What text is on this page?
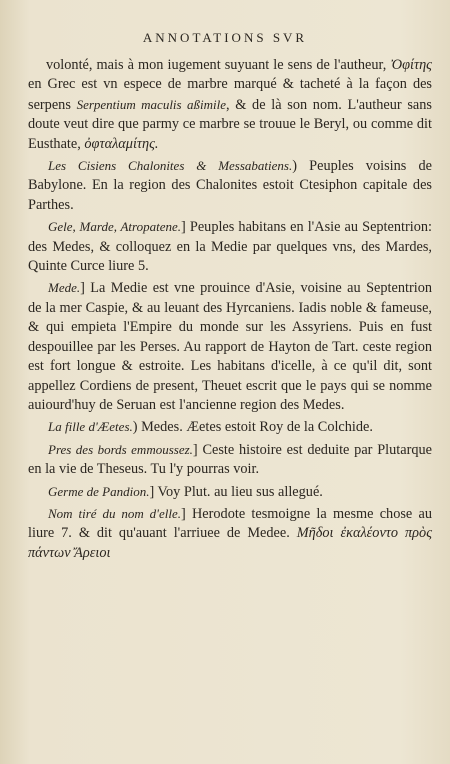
ANNOTATIONS SVR

volonté, mais à mon iugement suyuant le sens de l'autheur, Ὀφίτης en Grec est vn espece de marbre marqué & tacheté à la façon des serpens Serpentium maculis aßimile, & de là son nom. L'autheur sans doute veut dire que parmy ce marbre se trouue le Beryl, ou comme dit Eusthate, ὀφταλαμίτης.

Les Cisiens Chalonites & Messabatiens.) Peuples voisins de Babylone. En la region des Chalonites estoit Ctesiphon capitale des Parthes.

Gele, Marde, Atropatene.] Peuples habitans en l'Asie au Septentrion: des Medes, & colloquez en la Medie par quelques vns, des Mardes, Quinte Curce liure 5.

Mede.] La Medie est vne prouince d'Asie, voisine au Septentrion de la mer Caspie, & au leuant des Hyrcaniens. Iadis noble & fameuse, & qui empieta l'Empire du monde sur les Assyriens. Puis en fust despouillee par les Perses. Au rapport de Hayton de Tart. ceste region est fort longue & estroite. Les habitans d'icelle, à ce qu'il dit, sont appellez Cordiens de present, Theuet escrit que le pays qui se nomme auiourd'huy de Seruan est l'ancienne region des Medes.

La fille d'Æetes.) Medes. Æetes estoit Roy de la Colchide.

Pres des bords emmoussez.] Ceste histoire est deduite par Plutarque en la vie de Theseus. Tu l'y pourras voir.

Germe de Pandion.] Voy Plut. au lieu sus allegué.

Nom tiré du nom d'elle.] Herodote tesmoigne la mesme chose au liure 7. & dit qu'auant l'arriuee de Medee. Μῆδοι ἐκαλέοντο πρὸς πάντων Ἄρειοι
